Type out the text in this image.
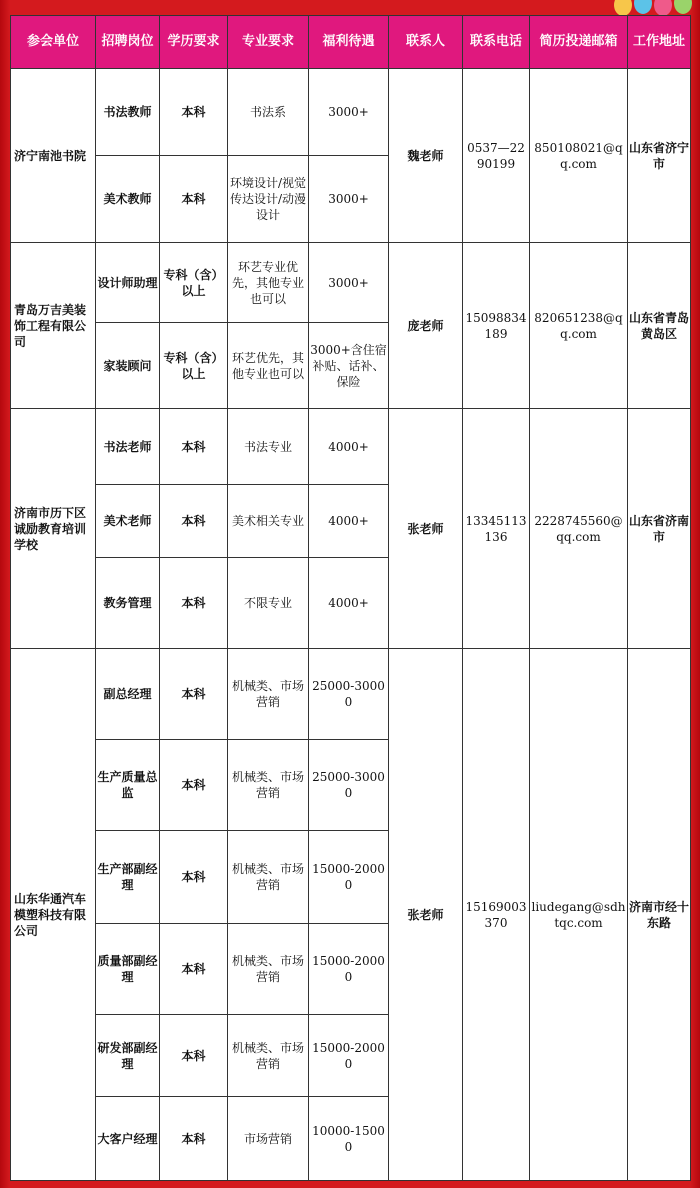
参会单位	招聘岗位	学历要求	专业要求	福利待遇	联系人	联系电话	简历投递邮箱	工作地址
济宁南池书院	书法教师	本科	书法系	3000+	魏老师	0537—2290199	850108021@qq.com	山东省济宁市
	美术教师	本科	环境设计/视觉传达设计/动漫设计	3000+				
青岛万吉美装饰工程有限公司	设计师助理	专科（含）以上	环艺专业优先，其他专业也可以	3000+	庞老师	15098834189	820651238@qq.com	山东省青岛黄岛区
	家装顾问	专科（含）以上	环艺优先，其他专业也可以	3000+含住宿补贴、话补、保险				
济南市历下区诚励教育培训学校	书法老师	本科	书法专业	4000+	张老师	13345113136	2228745560@qq.com	山东省济南市
	美术老师	本科	美术相关专业	4000+				
	教务管理	本科	不限专业	4000+				
山东华通汽车模塑科技有限公司	副总经理	本科	机械类、市场营销	25000-30000	张老师	15169003370	liudegang@sdhtqc.com	济南市经十东路
	生产质量总监	本科	机械类、市场营销	25000-30000				
	生产部副经理	本科	机械类、市场营销	15000-20000				
	质量部副经理	本科	机械类、市场营销	15000-20000				
	研发部副经理	本科	机械类、市场营销	15000-20000				
	大客户经理	本科	市场营销	10000-15000				
